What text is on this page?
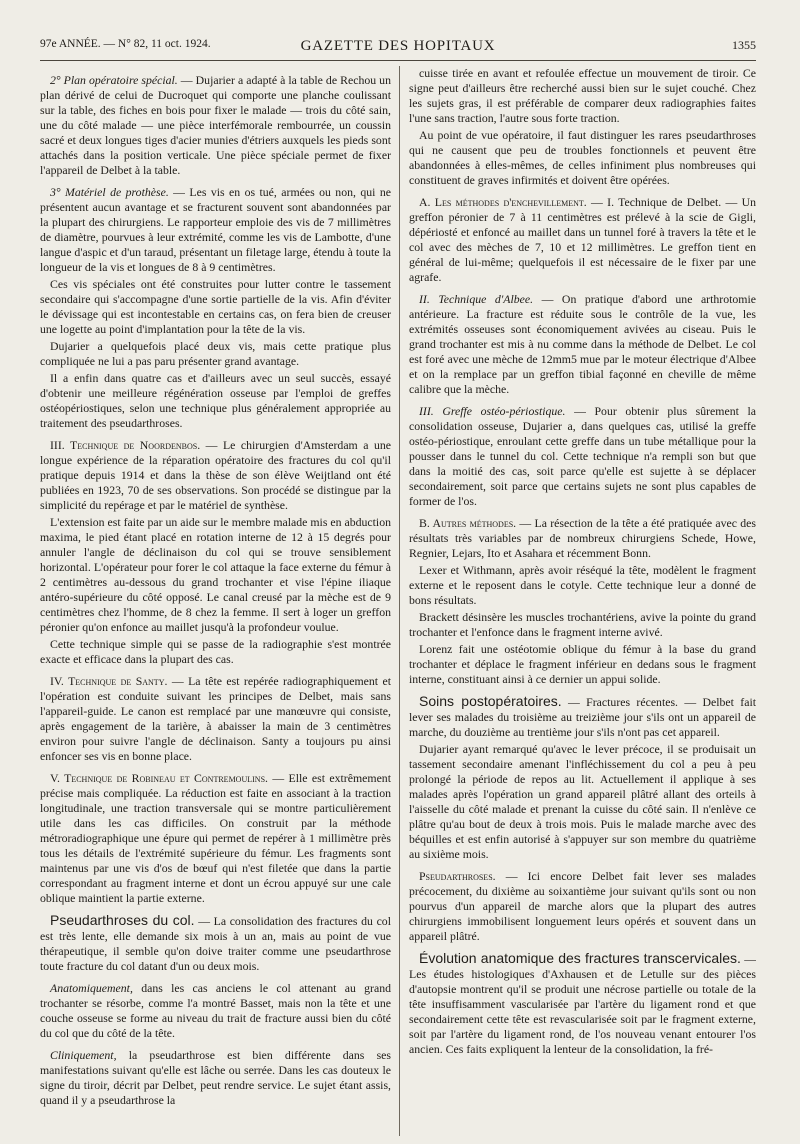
97e ANNÉE. — N° 82, 11 oct. 1924.	GAZETTE DES HOPITAUX	1355

2° Plan opératoire spécial. — Dujarier a adapté à la table de Rechou un plan dérivé de celui de Ducroquet qui comporte une planche coulissant sur la table, des fiches en bois pour fixer le malade — trois du côté sain, une du côté malade — une pièce interfémorale rembourrée, un coussin sacré et deux longues tiges d'acier munies d'étriers auxquels les pieds sont attachés dans la position verticale. Une pièce spéciale permet de fixer l'appareil de Delbet à la table.

3° Matériel de prothèse. — Les vis en os tué, armées ou non, qui ne présentent aucun avantage et se fracturent souvent sont abandonnées par la plupart des chirurgiens. Le rapporteur emploie des vis de 7 millimètres de diamètre, pourvues à leur extrémité, comme les vis de Lambotte, d'une langue d'aspic et d'un taraud, présentant un filetage large, étendu à toute la longueur de la vis et longues de 8 à 9 centimètres.

Ces vis spéciales ont été construites pour lutter contre le tassement secondaire qui s'accompagne d'une sortie partielle de la vis. Afin d'éviter le dévissage qui est incontestable en certains cas, on fera bien de creuser une logette au point d'implantation pour la tête de la vis.

Dujarier a quelquefois placé deux vis, mais cette pratique plus compliquée ne lui a pas paru présenter grand avantage.

Il a enfin dans quatre cas et d'ailleurs avec un seul succès, essayé d'obtenir une meilleure régénération osseuse par l'emploi de greffes ostéopériostiques, selon une technique plus généralement appropriée au traitement des pseudarthroses.

III. Technique de Noordenbos. — Le chirurgien d'Amsterdam a une longue expérience de la réparation opératoire des fractures du col qu'il pratique depuis 1914 et dans la thèse de son élève Weijtland ont été publiées en 1923, 70 de ses observations. Son procédé se distingue par la simplicité du repérage et par le matériel de synthèse.

L'extension est faite par un aide sur le membre malade mis en abduction maxima, le pied étant placé en rotation interne de 12 à 15 degrés pour annuler l'angle de déclinaison du col qui se trouve sensiblement horizontal. L'opérateur pour forer le col attaque la face externe du fémur à 2 centimètres au-dessous du grand trochanter et vise l'épine iliaque antéro-supérieure du côté opposé. Le canal creusé par la mèche est de 9 centimètres chez l'homme, de 8 chez la femme. Il sert à loger un greffon péronier qu'on enfonce au maillet jusqu'à la profondeur voulue.

Cette technique simple qui se passe de la radiographie s'est montrée exacte et efficace dans la plupart des cas.

IV. Technique de Santy. — La tête est repérée radiographiquement et l'opération est conduite suivant les principes de Delbet, mais sans l'appareil-guide. Le canon est remplacé par une manœuvre qui consiste, après engagement de la tarière, à abaisser la main de 3 centimètres environ pour suivre l'angle de déclinaison. Santy a toujours pu ainsi enfoncer ses vis en bonne place.

V. Technique de Robineau et Contremoulins. — Elle est extrêmement précise mais compliquée. La réduction est faite en associant à la traction longitudinale, une traction transversale qui se montre particulièrement utile dans les cas difficiles. On construit par la méthode métroradiographique une épure qui permet de repérer à 1 millimètre près tous les détails de l'extrémité supérieure du fémur. Les fragments sont maintenus par une vis d'os de bœuf qui n'est filetée que dans la partie correspondant au fragment interne et dont un écrou appuyé sur une cale oblique maintient la partie externe.

Pseudarthroses du col. — La consolidation des fractures du col est très lente, elle demande six mois à un an, mais au point de vue thérapeutique, il semble qu'on doive traiter comme une pseudarthrose toute fracture du col datant d'un ou deux mois.

Anatomiquement, dans les cas anciens le col attenant au grand trochanter se résorbe, comme l'a montré Basset, mais non la tête et une couche osseuse se forme au niveau du trait de fracture aussi bien du côté du col que du côté de la tête.

Cliniquement, la pseudarthrose est bien différente dans ses manifestations suivant qu'elle est lâche ou serrée. Dans les cas douteux le signe du tiroir, décrit par Delbet, peut rendre service. Le sujet étant assis, quand il y a pseudarthrose la

cuisse tirée en avant et refoulée effectue un mouvement de tiroir. Ce signe peut d'ailleurs être recherché aussi bien sur le sujet couché. Chez les sujets gras, il est préférable de comparer deux radiographies faites l'une sans traction, l'autre sous forte traction.

Au point de vue opératoire, il faut distinguer les rares pseudarthroses qui ne causent que peu de troubles fonctionnels et peuvent être abandonnées à elles-mêmes, de celles infiniment plus nombreuses qui constituent de graves infirmités et doivent être opérées.

A. Les méthodes d'enchevillement. — I. Technique de Delbet. — Un greffon péronier de 7 à 11 centimètres est prélevé à la scie de Gigli, dépériosté et enfoncé au maillet dans un tunnel foré à travers la tête et le col avec des mèches de 7, 10 et 12 millimètres. Le greffon tient en général de lui-même; quelquefois il est nécessaire de le fixer par une agrafe.

II. Technique d'Albee. — On pratique d'abord une arthrotomie antérieure. La fracture est réduite sous le contrôle de la vue, les extrémités osseuses sont économiquement avivées au ciseau. Puis le grand trochanter est mis à nu comme dans la méthode de Delbet. Le col est foré avec une mèche de 12mm5 mue par le moteur électrique d'Albee et on la remplace par un greffon tibial façonné en cheville de même calibre que la mèche.

III. Greffe ostéo-périostique. — Pour obtenir plus sûrement la consolidation osseuse, Dujarier a, dans quelques cas, utilisé la greffe ostéo-périostique, enroulant cette greffe dans un tube métallique pour la pousser dans le tunnel du col. Cette technique n'a rempli son but que dans la moitié des cas, soit parce qu'elle est sujette à se déplacer secondairement, soit parce que certains sujets ne sont plus capables de former de l'os.

B. Autres méthodes. — La résection de la tête a été pratiquée avec des résultats très variables par de nombreux chirurgiens Schede, Howe, Regnier, Lejars, Ito et Asahara et récemment Bonn.

Lexer et Withmann, après avoir réséqué la tête, modèlent le fragment externe et le reposent dans le cotyle. Cette technique leur a donné de bons résultats.

Brackett désinsère les muscles trochantériens, avive la pointe du grand trochanter et l'enfonce dans le fragment interne avivé.

Lorenz fait une ostéotomie oblique du fémur à la base du grand trochanter et déplace le fragment inférieur en dedans sous le fragment interne, constituant ainsi à ce dernier un appui solide.

Soins postopératoires. — Fractures récentes. — Delbet fait lever ses malades du troisième au treizième jour s'ils ont un appareil de marche, du douzième au trentième jour s'ils n'ont pas cet appareil.

Dujarier ayant remarqué qu'avec le lever précoce, il se produisait un tassement secondaire amenant l'infléchissement du col a peu à peu prolongé la période de repos au lit. Actuellement il applique à ses malades après l'opération un grand appareil plâtré allant des orteils à l'aisselle du côté malade et prenant la cuisse du côté sain. Il n'enlève ce plâtre qu'au bout de deux à trois mois. Puis le malade marche avec des béquilles et est enfin autorisé à s'appuyer sur son membre du quatrième au sixième mois.

Pseudarthroses. — Ici encore Delbet fait lever ses malades précocement, du dixième au soixantième jour suivant qu'ils sont ou non pourvus d'un appareil de marche alors que la plupart des autres chirurgiens immobilisent longuement leurs opérés et souvent dans un appareil plâtré.

Évolution anatomique des fractures transcervicales. — Les études histologiques d'Axhausen et de Letulle sur des pièces d'autopsie montrent qu'il se produit une nécrose partielle ou totale de la tête insuffisamment vascularisée par l'artère du ligament rond et que secondairement cette tête est revascularisée soit par le fragment externe, soit par l'artère du ligament rond, de l'os nouveau venant entourer l'os ancien. Ces faits expliquent la lenteur de la consolidation, la fré-
